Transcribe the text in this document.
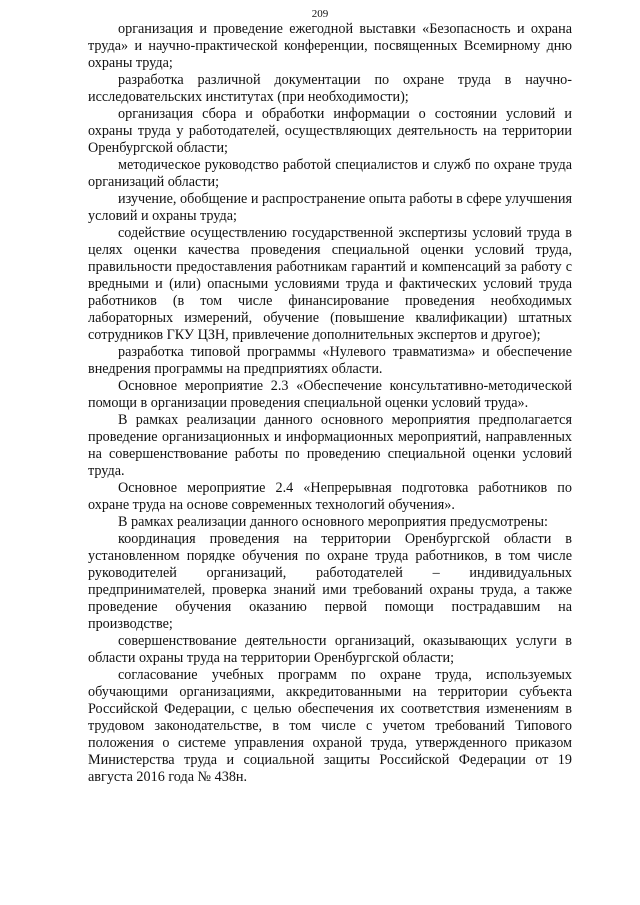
209

организация и проведение ежегодной выставки «Безопасность и охрана труда» и научно-практической конференции, посвященных Всемирному дню охраны труда;

разработка различной документации по охране труда в научно-исследовательских институтах (при необходимости);

организация сбора и обработки информации о состоянии условий и охраны труда у работодателей, осуществляющих деятельность на территории Оренбургской области;

методическое руководство работой специалистов и служб по охране труда организаций области;

изучение, обобщение и распространение опыта работы в сфере улучшения условий и охраны труда;

содействие осуществлению государственной экспертизы условий труда в целях оценки качества проведения специальной оценки условий труда, правильности предоставления работникам гарантий и компенсаций за работу с вредными и (или) опасными условиями труда и фактических условий труда работников (в том числе финансирование проведения необходимых лабораторных измерений, обучение (повышение квалификации) штатных сотрудников ГКУ ЦЗН, привлечение дополнительных экспертов и другое);

разработка типовой программы «Нулевого травматизма» и обеспечение внедрения программы на предприятиях области.

Основное мероприятие 2.3 «Обеспечение консультативно-методической помощи в организации проведения специальной оценки условий труда».

В рамках реализации данного основного мероприятия предполагается проведение организационных и информационных мероприятий, направленных на совершенствование работы по проведению специальной оценки условий труда.

Основное мероприятие 2.4 «Непрерывная подготовка работников по охране труда на основе современных технологий обучения».

В рамках реализации данного основного мероприятия предусмотрены:

координация проведения на территории Оренбургской области в установленном порядке обучения по охране труда работников, в том числе руководителей организаций, работодателей – индивидуальных предпринимателей, проверка знаний ими требований охраны труда, а также проведение обучения оказанию первой помощи пострадавшим на производстве;

совершенствование деятельности организаций, оказывающих услуги в области охраны труда на территории Оренбургской области;

согласование учебных программ по охране труда, используемых обучающими организациями, аккредитованными на территории субъекта Российской Федерации, с целью обеспечения их соответствия изменениям в трудовом законодательстве, в том числе с учетом требований Типового положения о системе управления охраной труда, утвержденного приказом Министерства труда и социальной защиты Российской Федерации от 19 августа 2016 года № 438н.
